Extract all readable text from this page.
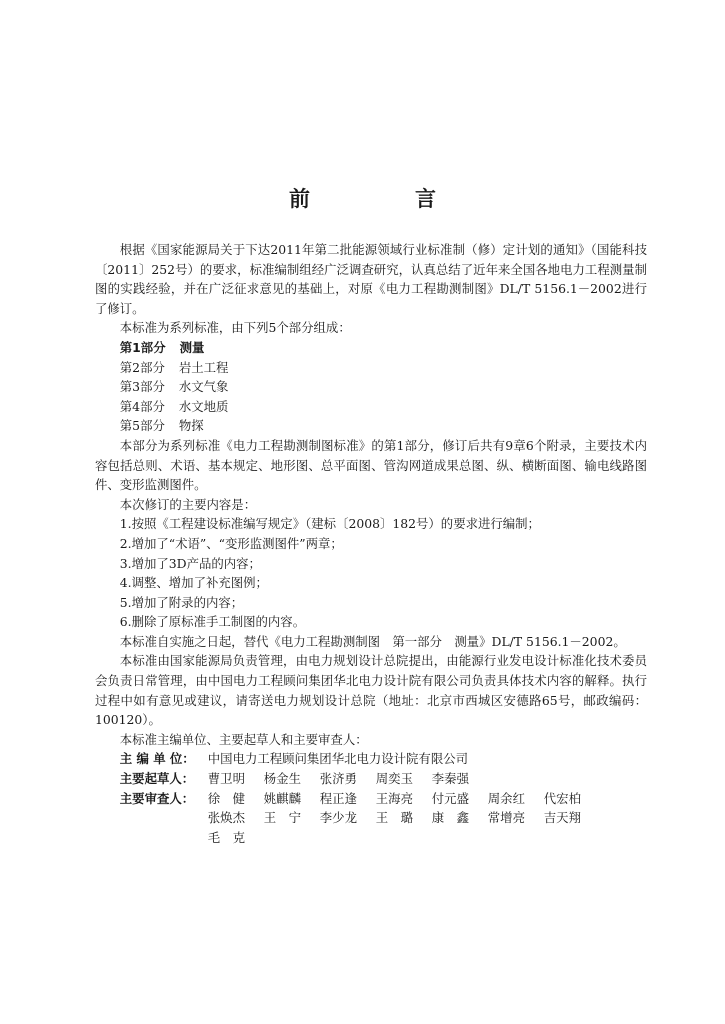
前　言

根据《国家能源局关于下达2011年第二批能源领域行业标准制（修）定计划的通知》（国能科技〔2011〕252号）的要求，标准编制组经广泛调查研究，认真总结了近年来全国各地电力工程测量制图的实践经验，并在广泛征求意见的基础上，对原《电力工程勘测制图》DL/T 5156.1－2002进行了修订。

本标准为系列标准，由下列5个部分组成：

第1部分 测量

第2部分 岩土工程

第3部分 水文气象

第4部分 水文地质

第5部分 物探

本部分为系列标准《电力工程勘测制图标准》的第1部分，修订后共有9章6个附录，主要技术内容包括总则、术语、基本规定、地形图、总平面图、管沟网道成果总图、纵、横断面图、输电线路图件、变形监测图件。

本次修订的主要内容是：

1.按照《工程建设标准编写规定》（建标〔2008〕182号）的要求进行编制；

2.增加了“术语”、“变形监测图件”两章；

3.增加了3D产品的内容；

4.调整、增加了补充图例；

5.增加了附录的内容；

6.删除了原标准手工制图的内容。

本标准自实施之日起，替代《电力工程勘测制图　第一部分　测量》DL/T 5156.1－2002。

本标准由国家能源局负责管理，由电力规划设计总院提出，由能源行业发电设计标准化技术委员会负责日常管理，由中国电力工程顾问集团华北电力设计院有限公司负责具体技术内容的解释。执行过程中如有意见或建议，请寄送电力规划设计总院（地址：北京市西城区安德路65号，邮政编码：100120）。

本标准主编单位、主要起草人和主要审查人：

主 编 单 位：	中国电力工程顾问集团华北电力设计院有限公司
主要起草人：	曹卫明	杨金生	张济勇	周奕玉	李秦强
主要审查人：	徐　健	姚麒麟	程正逢	王海亮	付元盛	周余红	代宏柏
张焕杰	王　宁	李少龙	王　璐	康　鑫	常增亮	吉天翔
毛　克
